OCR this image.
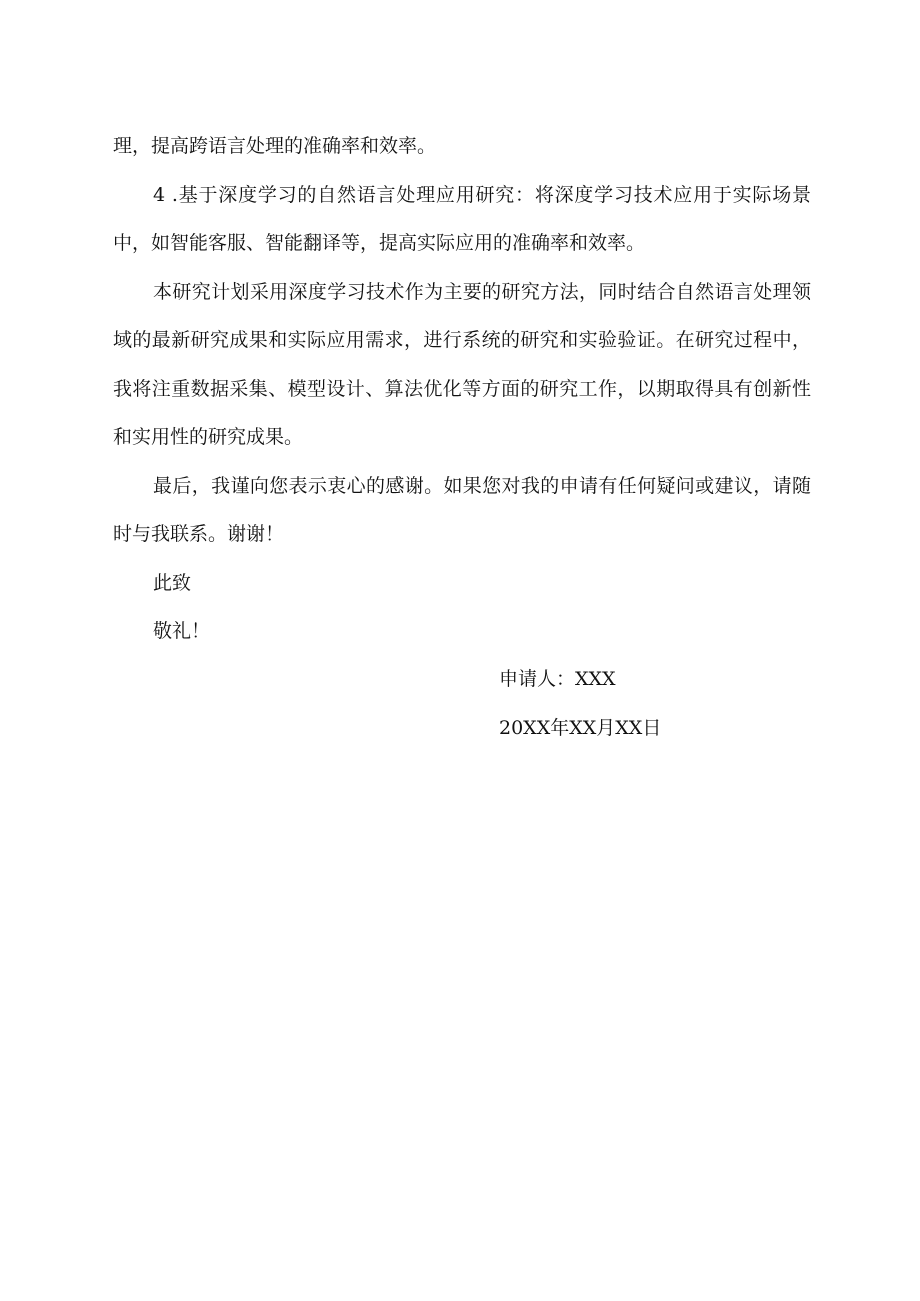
理，提高跨语言处理的准确率和效率。

4 .基于深度学习的自然语言处理应用研究：将深度学习技术应用于实际场景中，如智能客服、智能翻译等，提高实际应用的准确率和效率。

本研究计划采用深度学习技术作为主要的研究方法，同时结合自然语言处理领域的最新研究成果和实际应用需求，进行系统的研究和实验验证。在研究过程中，我将注重数据采集、模型设计、算法优化等方面的研究工作，以期取得具有创新性和实用性的研究成果。

最后，我谨向您表示衷心的感谢。如果您对我的申请有任何疑问或建议，请随时与我联系。谢谢！

此致

敬礼！

申请人：XXX
20XX年XX月XX日
